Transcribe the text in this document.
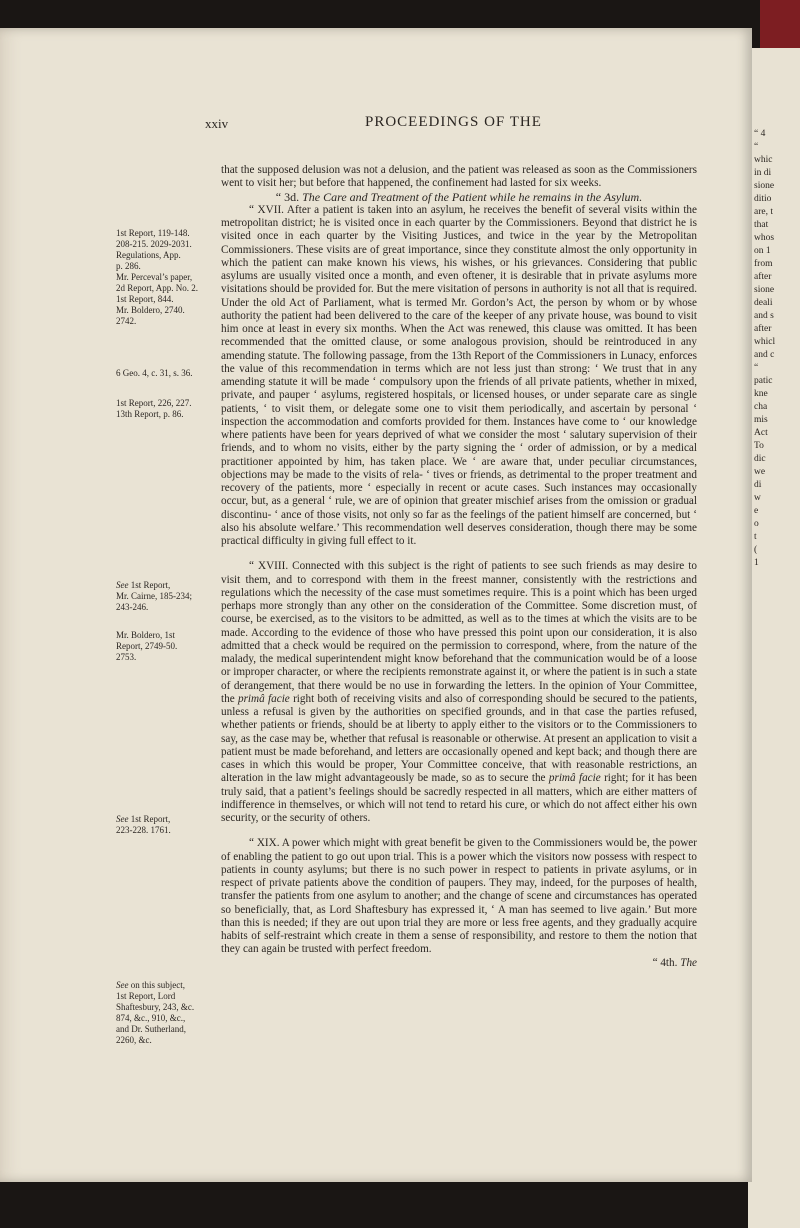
“ 4
“
whic
in di
sione
ditio
are, t
that
whos
on 1
from
after
sione
deali
and s
after
whicl
and c
“
patic
kne
cha
mis
Act
To
dic
we
di
w
e
o
t
(
1
xxiv	PROCEEDINGS OF THE
1st Report, 119-148.
208-215. 2029-2031.
Regulations, App.
p. 286.
Mr. Perceval’s paper,
2d Report, App. No. 2.
1st Report, 844.
Mr. Boldero, 2740.
2742.
6 Geo. 4, c. 31, s. 36.
1st Report, 226, 227.
13th Report, p. 86.
See 1st Report,
Mr. Cairne, 185-234;
243-246.
Mr. Boldero, 1st
Report, 2749-50.
2753.
See 1st Report,
223-228. 1761.
See on this subject,
1st Report, Lord
Shaftesbury, 243, &c.
874, &c., 910, &c.,
and Dr. Sutherland,
2260, &c.

that the supposed delusion was not a delusion, and the patient was released as soon as the Commissioners went to visit her; but before that happened, the confinement had lasted for six weeks.

“ 3d. The Care and Treatment of the Patient while he remains in the Asylum.

“ XVII. After a patient is taken into an asylum, he receives the benefit of several visits within the metropolitan district; he is visited once in each quarter by the Commissioners. Beyond that district he is visited once in each quarter by the Visiting Justices, and twice in the year by the Metropolitan Commissioners. These visits are of great importance, since they constitute almost the only opportunity in which the patient can make known his views, his wishes, or his grievances. Considering that public asylums are usually visited once a month, and even oftener, it is desirable that in private asylums more visitations should be provided for. But the mere visitation of persons in authority is not all that is required. Under the old Act of Parliament, what is termed Mr. Gordon’s Act, the person by whom or by whose authority the patient had been delivered to the care of the keeper of any private house, was bound to visit him once at least in every six months. When the Act was renewed, this clause was omitted. It has been recommended that the omitted clause, or some analogous provision, should be reintroduced in any amending statute. The following passage, from the 13th Report of the Commissioners in Lunacy, enforces the value of this recommendation in terms which are not less just than strong: ‘ We trust that in any amending statute it will be made ‘ compulsory upon the friends of all private patients, whether in mixed, private, and pauper ‘ asylums, registered hospitals, or licensed houses, or under separate care as single patients, ‘ to visit them, or delegate some one to visit them periodically, and ascertain by personal ‘ inspection the accommodation and comforts provided for them. Instances have come to ‘ our knowledge where patients have been for years deprived of what we consider the most ‘ salutary supervision of their friends, and to whom no visits, either by the party signing the ‘ order of admission, or by a medical practitioner appointed by him, has taken place. We ‘ are aware that, under peculiar circumstances, objections may be made to the visits of rela- ‘ tives or friends, as detrimental to the proper treatment and recovery of the patients, more ‘ especially in recent or acute cases. Such instances may occasionally occur, but, as a general ‘ rule, we are of opinion that greater mischief arises from the omission or gradual discontinu- ‘ ance of those visits, not only so far as the feelings of the patient himself are concerned, but ‘ also his absolute welfare.’ This recommendation well deserves consideration, though there may be some practical difficulty in giving full effect to it.

“ XVIII. Connected with this subject is the right of patients to see such friends as may desire to visit them, and to correspond with them in the freest manner, consistently with the restrictions and regulations which the necessity of the case must sometimes require. This is a point which has been urged perhaps more strongly than any other on the consideration of the Committee. Some discretion must, of course, be exercised, as to the visitors to be admitted, as well as to the times at which the visits are to be made. According to the evidence of those who have pressed this point upon our consideration, it is also admitted that a check would be required on the permission to correspond, where, from the nature of the malady, the medical superintendent might know beforehand that the communication would be of a loose or improper character, or where the recipients remonstrate against it, or where the patient is in such a state of derangement, that there would be no use in forwarding the letters. In the opinion of Your Committee, the primâ facie right both of receiving visits and also of corresponding should be secured to the patients, unless a refusal is given by the authorities on specified grounds, and in that case the parties refused, whether patients or friends, should be at liberty to apply either to the visitors or to the Commissioners to say, as the case may be, whether that refusal is reasonable or otherwise. At present an application to visit a patient must be made beforehand, and letters are occasionally opened and kept back; and though there are cases in which this would be proper, Your Committee conceive, that with reasonable restrictions, an alteration in the law might advantageously be made, so as to secure the primâ facie right; for it has been truly said, that a patient’s feelings should be sacredly respected in all matters, which are either matters of indifference in themselves, or which will not tend to retard his cure, or which do not affect either his own security, or the security of others.

“ XIX. A power which might with great benefit be given to the Commissioners would be, the power of enabling the patient to go out upon trial. This is a power which the visitors now possess with respect to patients in county asylums; but there is no such power in respect to patients in private asylums, or in respect of private patients above the condition of paupers. They may, indeed, for the purposes of health, transfer the patients from one asylum to another; and the change of scene and circumstances has operated so beneficially, that, as Lord Shaftesbury has expressed it, ‘ A man has seemed to live again.’ But more than this is needed; if they are out upon trial they are more or less free agents, and they gradually acquire habits of self-restraint which create in them a sense of responsibility, and restore to them the notion that they can again be trusted with perfect freedom.

“ 4th. The
